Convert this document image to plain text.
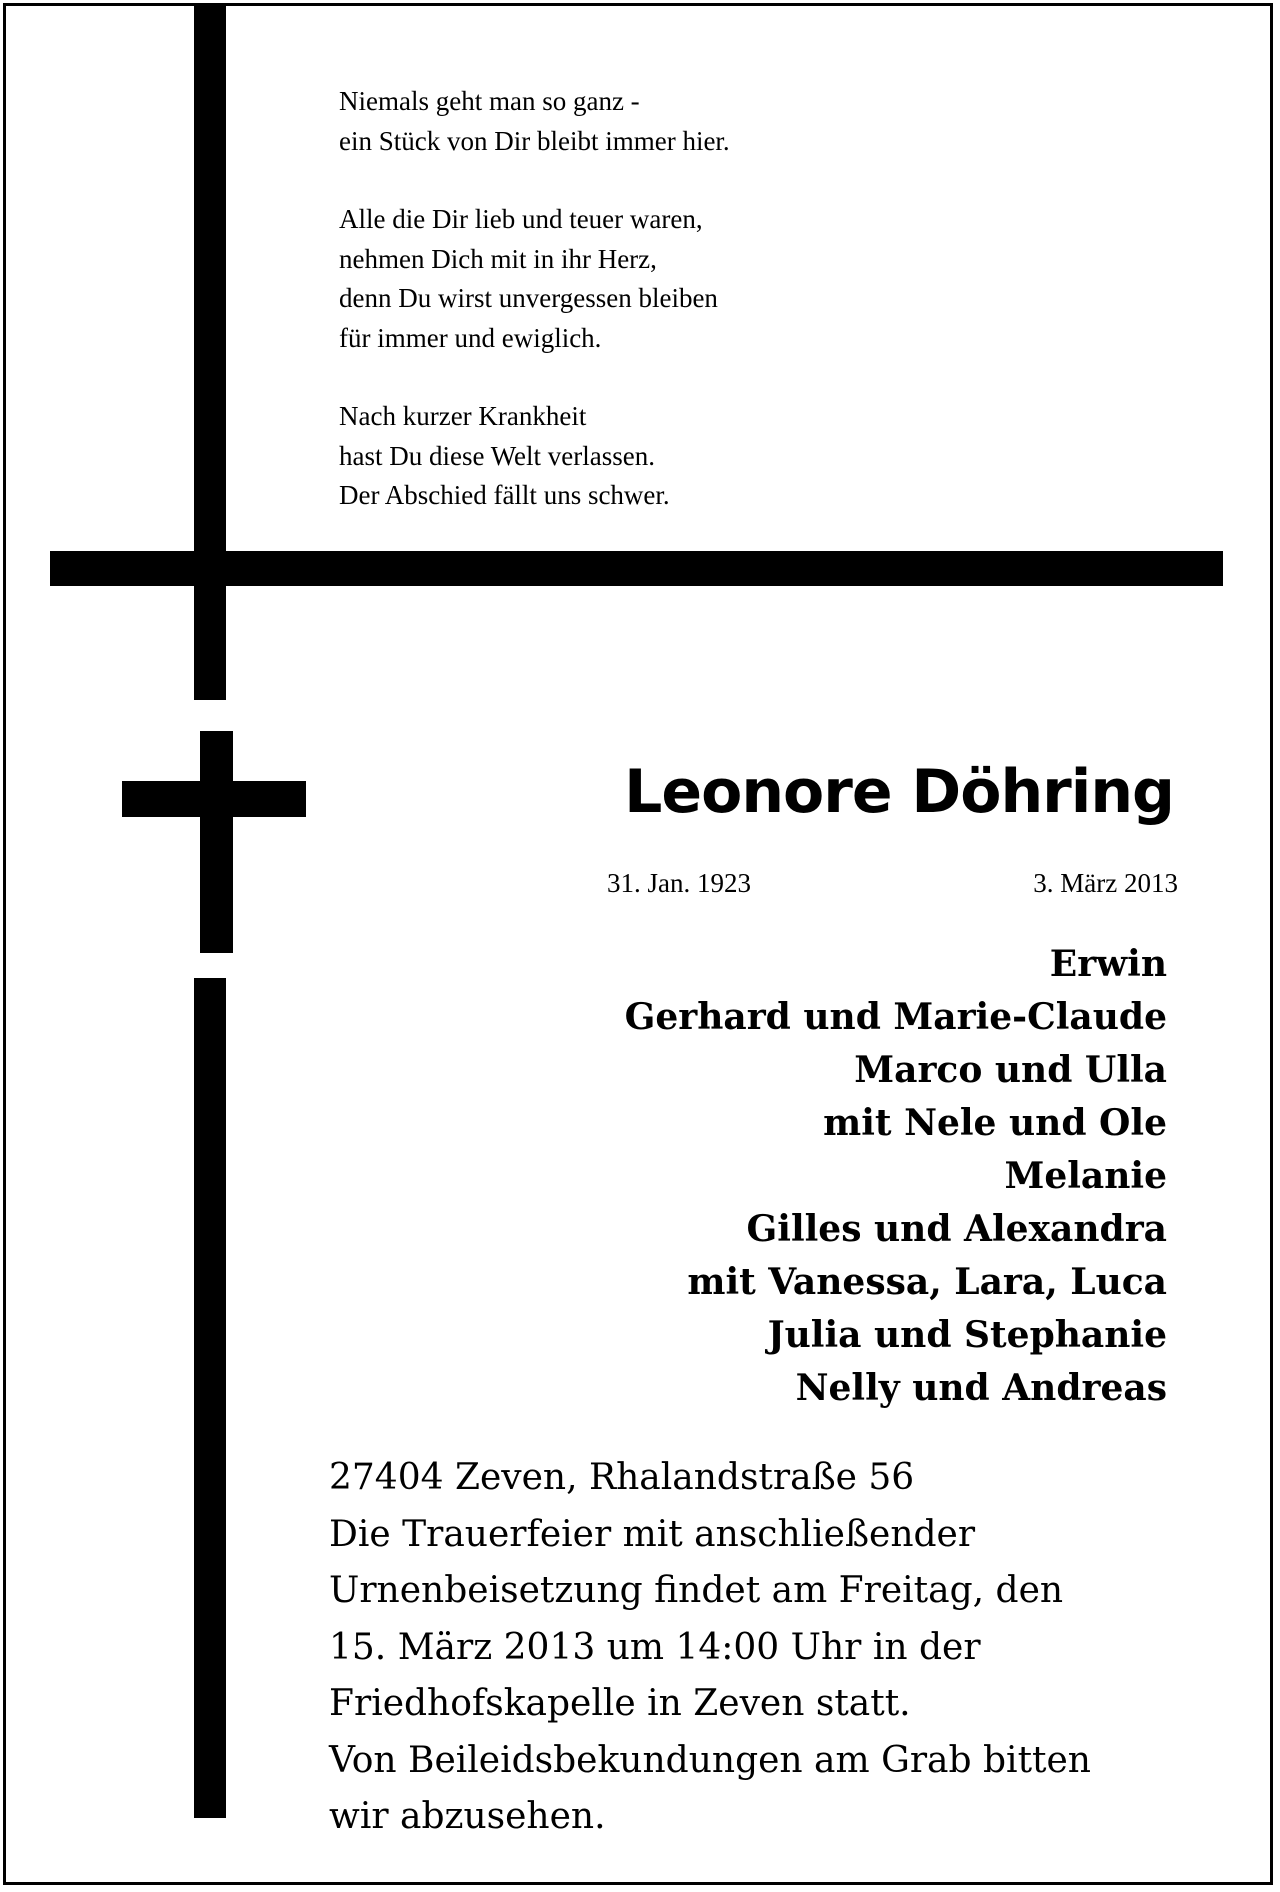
Niemals geht man so ganz -
ein Stück von Dir bleibt immer hier.

Alle die Dir lieb und teuer waren,
nehmen Dich mit in ihr Herz,
denn Du wirst unvergessen bleiben
für immer und ewiglich.

Nach kurzer Krankheit
hast Du diese Welt verlassen.
Der Abschied fällt uns schwer.

Leonore Döhring
31. Jan. 1923	3. März 2013
Erwin
Gerhard und Marie-Claude
Marco und Ulla
mit Nele und Ole
Melanie
Gilles und Alexandra
mit Vanessa, Lara, Luca
Julia und Stephanie
Nelly und Andreas
27404 Zeven, Rhalandstraße 56
Die Trauerfeier mit anschließender
Urnenbeisetzung findet am Freitag, den
15. März 2013 um 14:00 Uhr in der
Friedhofskapelle in Zeven statt.
Von Beileidsbekundungen am Grab bitten
wir abzusehen.
